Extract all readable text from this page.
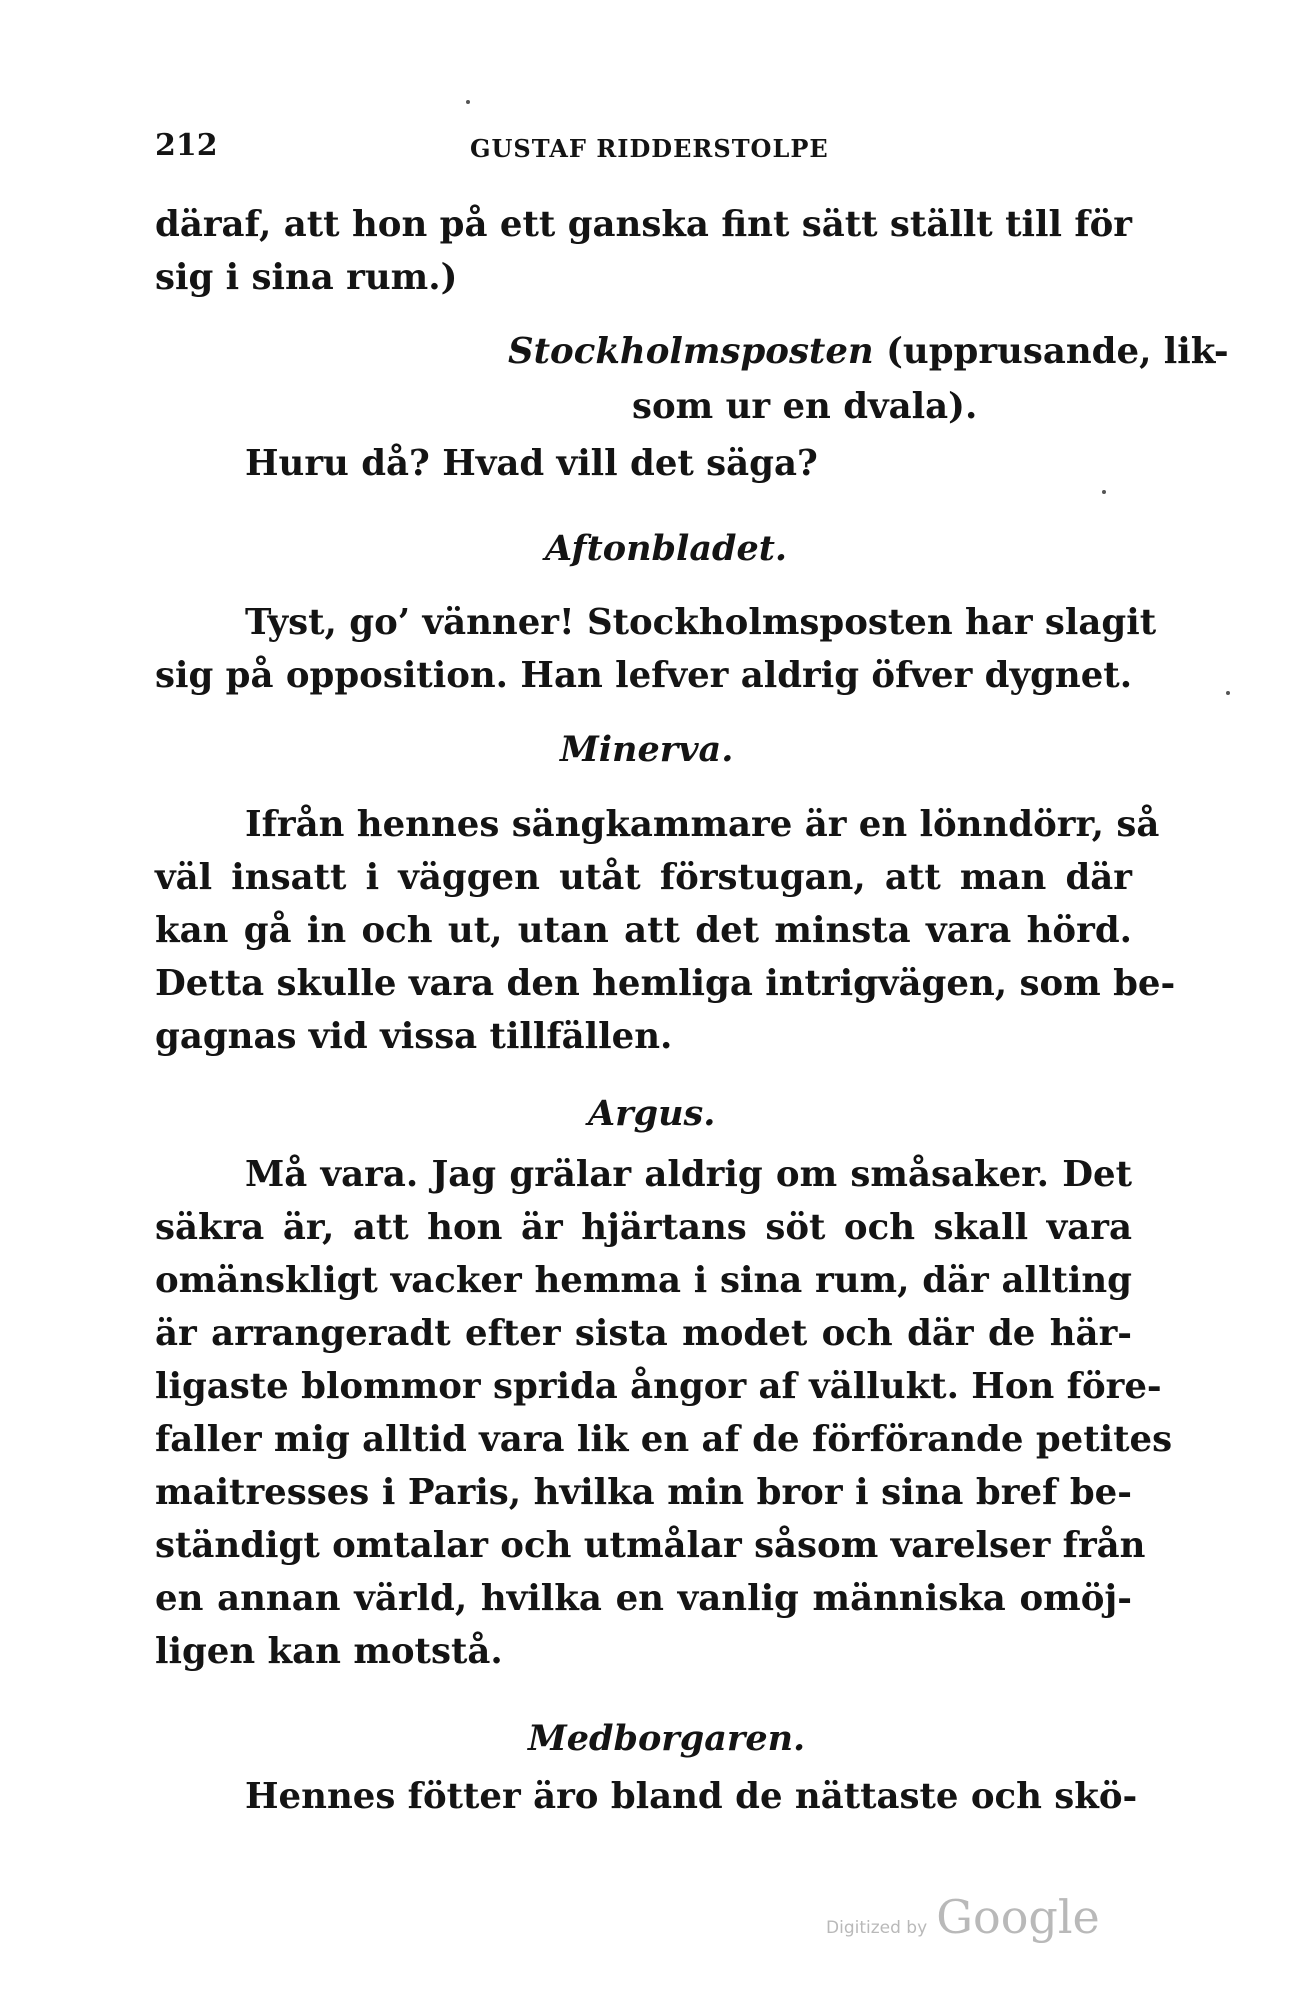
212	GUSTAF RIDDERSTOLPE
däraf, att hon på ett ganska fint sätt ställt till för
sig i sina rum.)
Stockholmsposten (upprusande, lik-
som ur en dvala).
Huru då? Hvad vill det säga?
Aftonbladet.
Tyst, go’ vänner! Stockholmsposten har slagit
sig på opposition. Han lefver aldrig öfver dygnet.
Minerva.
Ifrån hennes sängkammare är en lönndörr, så
väl insatt i väggen utåt förstugan, att man där
kan gå in och ut, utan att det minsta vara hörd.
Detta skulle vara den hemliga intrigvägen, som be-
gagnas vid vissa tillfällen.
Argus.
Må vara. Jag grälar aldrig om småsaker. Det
säkra är, att hon är hjärtans söt och skall vara
omänskligt vacker hemma i sina rum, där allting
är arrangeradt efter sista modet och där de här-
ligaste blommor sprida ångor af vällukt. Hon före-
faller mig alltid vara lik en af de förförande petites
maitresses i Paris, hvilka min bror i sina bref be-
ständigt omtalar och utmålar såsom varelser från
en annan värld, hvilka en vanlig människa omöj-
ligen kan motstå.
Medborgaren.
Hennes fötter äro bland de nättaste och skö-
Digitized by Google
